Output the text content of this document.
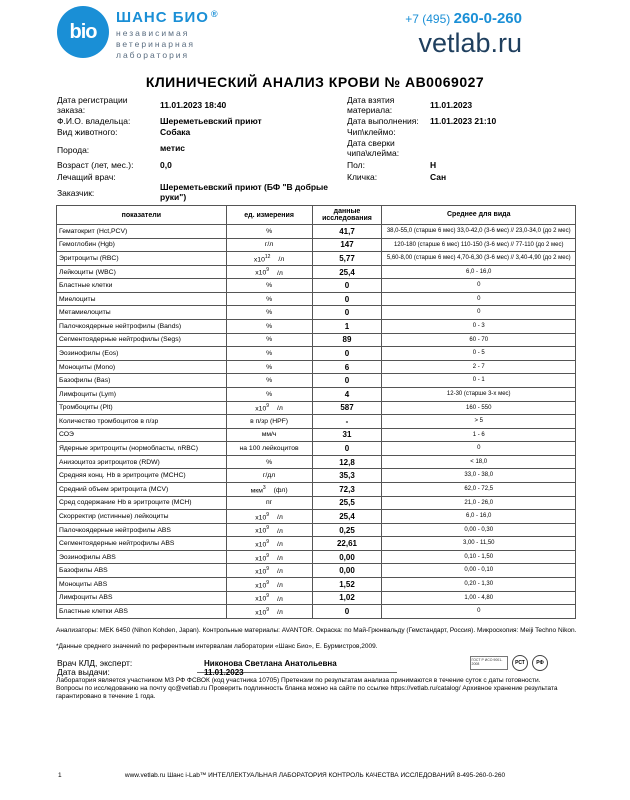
bio
ШАНС БИО ®
независимая
ветеринарная
лаборатория
+7 (495) 260-0-260
vetlab.ru
КЛИНИЧЕСКИЙ АНАЛИЗ КРОВИ № AB0069027
Дата регистрации заказа:	11.01.2023 18:40
Ф.И.О. владельца:	Шереметьевский приют
Вид животного:	Собака
Порода:	метис
Возраст (лет, мес.):	0,0
Лечащий врач:
Заказчик:
Шереметьевский приют (БФ "В добрые руки")
Дата взятия материала:	11.01.2023
Дата выполнения: 11.01.2023 21:10
Чип\клеймо:
Дата сверки чипа\клейма:
Пол:	Н
Кличка:	Сан
показатели	ед. измерения	данные исследования	Среднее для вида
Гематокрит (Hct,PCV)	%	41,7	38,0-55,0 (старше 6 мес) 33,0-42,0 (3-6 мес) // 23,0-34,0 (до 2 мес)
Гемоглобин (Hgb)	г/л	147	120-180 (старше 6 мес) 110-150 (3-6 мес) // 77-110 (до 2 мес)
Эритроциты (RBC)	$x10^{12}$ /л	5,77	5,60-8,00 (старше 6 мес) 4,70-6,30 (3-6 мес) // 3,40-4,90 (до 2 мес)
Лейкоциты (WBC)	$x10^9$ /л	25,4	6,0 - 16,0
Бластные клетки	%	0	0
Миелоциты	%	0	0
Метамиелоциты	%	0	0
Палочкоядерные нейтрофилы (Bands)	%	1	0 - 3
Сегментоядерные нейтрофилы (Segs)	%	89	60 - 70
Эозинофилы (Eos)	%	0	0 - 5
Моноциты (Mono)	%	6	2 - 7
Базофилы (Bas)	%	0	0 - 1
Лимфоциты (Lym)	%	4	12-30 (старше 3-х мес)
Тромбоциты (Plt)	$x10^9$ /л	587	160 - 550
Количество тромбоцитов в п/зр	в п/зр (HPF)	-	> 5
СОЭ	мм/ч	31	1 - 6
Ядерные эритроциты (нормобласты, nRBC)	на 100 лейкоцитов	0	0
Анизоцитоз эритроцитов (RDW)	%	12,8	< 18,0
Средняя конц. Hb в эритроците (MCHC)	г/дл	35,3	33,0 - 38,0
Средний объем эритроцита (MCV)	мкм$^3$ (фл)	72,3	62,0 - 72,5
Сред содержание Hb в эритроците (MCH)	пг	25,5	21,0 - 26,0
Скорректир (истинные) лейкоциты	$x10^9$ /л	25,4	6,0 - 16,0
Палочкоядерные нейтрофилы ABS	$x10^9$ /л	0,25	0,00 - 0,30
Сегментоядерные нейтрофилы ABS	$x10^9$ /л	22,61	3,00 - 11,50
Эозинофилы ABS	$x10^9$ /л	0,00	0,10 - 1,50
Базофилы ABS	$x10^9$ /л	0,00	0,00 - 0,10
Моноциты ABS	$x10^9$ /л	1,52	0,20 - 1,30
Лимфоциты ABS	$x10^9$ /л	1,02	1,00 - 4,80
Бластные клетки ABS	$x10^9$ /л	0	0
Анализаторы: MEK 6450 (Nihon Kohden, Japan). Контрольные материалы: AVANTOR. Окраска: по Май-Грюнвальду (Гемстандарт, Россия). Микроскопия: Meiji Techno Nikon.
*Данные среднего значений по референтным интервалам лаборатории «Шанс Био», Е. Бурмистров,2009.
Врач КЛД, эксперт:	Никонова Светлана Анатольевна
Дата выдачи:	11.01.2023
ГОСТ Р ИСО 9001-2008	РСТ	РФ
Лаборатория является участником МЗ РФ ФСВОК (код участника 10705) Претензии по результатам анализа принимаются в течение суток с даты готовности. Вопросы по исследованию на почту qc@vetlab.ru Проверить подлинность бланка можно на сайте по ссылке https://vetlab.ru/catalog/ Архивное хранение результата гарантировано в течение 1 года.
1	www.vetlab.ru Шанс i-Lab™ ИНТЕЛЛЕКТУАЛЬНАЯ ЛАБОРАТОРИЯ КОНТРОЛЬ КАЧЕСТВА ИССЛЕДОВАНИЙ 8-495-260-0-260
